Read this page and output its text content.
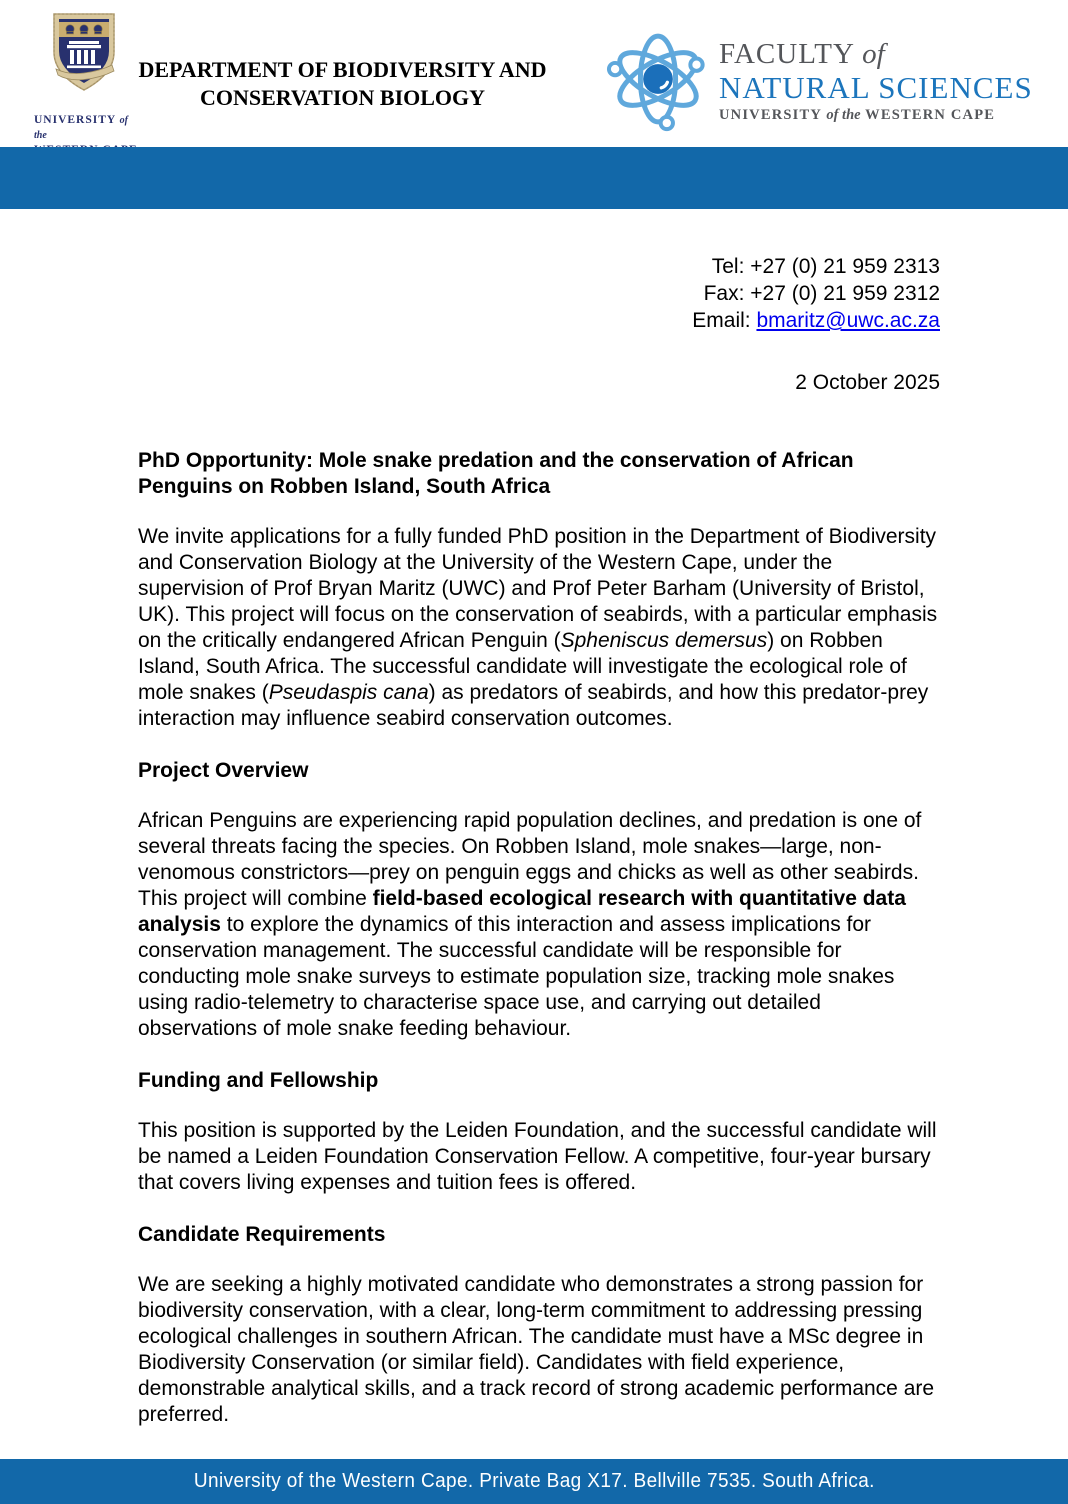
UNIVERSITY of the
DEPARTMENT OF BIODIVERSITY AND
CONSERVATION BIOLOGY
FACULTY of
NATURAL SCIENCES
UNIVERSITY of the WESTERN CAPE
Tel: +27 (0) 21 959 2313
Fax: +27 (0) 21 959 2312
Email: bmaritz@uwc.ac.za
2 October 2025
PhD Opportunity: Mole snake predation and the conservation of African Penguins on Robben Island, South Africa

We invite applications for a fully funded PhD position in the Department of Biodiversity and Conservation Biology at the University of the Western Cape, under the supervision of Prof Bryan Maritz (UWC) and Prof Peter Barham (University of Bristol, UK). This project will focus on the conservation of seabirds, with a particular emphasis on the critically endangered African Penguin (Spheniscus demersus) on Robben Island, South Africa. The successful candidate will investigate the ecological role of mole snakes (Pseudaspis cana) as predators of seabirds, and how this predator-prey interaction may influence seabird conservation outcomes.

Project Overview

African Penguins are experiencing rapid population declines, and predation is one of several threats facing the species. On Robben Island, mole snakes—large, non-venomous constrictors—prey on penguin eggs and chicks as well as other seabirds. This project will combine field-based ecological research with quantitative data analysis to explore the dynamics of this interaction and assess implications for conservation management. The successful candidate will be responsible for conducting mole snake surveys to estimate population size, tracking mole snakes using radio-telemetry to characterise space use, and carrying out detailed observations of mole snake feeding behaviour.

Funding and Fellowship

This position is supported by the Leiden Foundation, and the successful candidate will be named a Leiden Foundation Conservation Fellow. A competitive, four-year bursary that covers living expenses and tuition fees is offered.

Candidate Requirements

We are seeking a highly motivated candidate who demonstrates a strong passion for biodiversity conservation, with a clear, long-term commitment to addressing pressing ecological challenges in southern African. The candidate must have a MSc degree in Biodiversity Conservation (or similar field). Candidates with field experience, demonstrable analytical skills, and a track record of strong academic performance are preferred.

University of the Western Cape. Private Bag X17. Bellville 7535. South Africa.
